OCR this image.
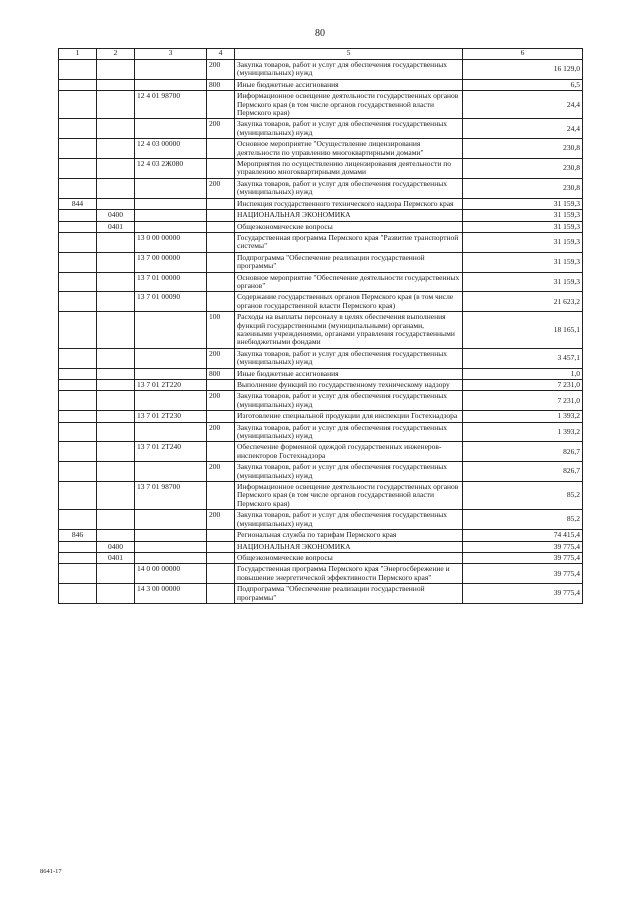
80
1	2	3	4	5	6
			200	Закупка товаров, работ и услуг для обеспечения государственных (муниципальных) нужд	16 129,0
			800	Иные бюджетные ассигнования	6,5
		12 4 01 98700		Информационное освещение деятельности государственных органов Пермского края (в том числе органов государственной власти Пермского края)	24,4
			200	Закупка товаров, работ и услуг для обеспечения государственных (муниципальных) нужд	24,4
		12 4 03 00000		Основное мероприятие "Осуществление лицензирования деятельности по управлению многоквартирными домами"	230,8
		12 4 03 2Ж080		Мероприятия по осуществлению лицензирования деятельности по управлению многоквартирными домами	230,8
			200	Закупка товаров, работ и услуг для обеспечения государственных (муниципальных) нужд	230,8
844				Инспекция государственного технического надзора Пермского края	31 159,3
	0400			НАЦИОНАЛЬНАЯ ЭКОНОМИКА	31 159,3
	0401			Общеэкономические вопросы	31 159,3
		13 0 00 00000		Государственная программа Пермского края "Развитие транспортной системы"	31 159,3
		13 7 00 00000		Подпрограмма "Обеспечение реализации государственной программы"	31 159,3
		13 7 01 00000		Основное мероприятие "Обеспечение деятельности государственных органов"	31 159,3
		13 7 01 00090		Содержание государственных органов Пермского края (в том числе органов государственной власти Пермского края)	21 623,2
			100	Расходы на выплаты персоналу в целях обеспечения выполнения функций государственными (муниципальными) органами, казенными учреждениями, органами управления государственными внебюджетными фондами	18 165,1
			200	Закупка товаров, работ и услуг для обеспечения государственных (муниципальных) нужд	3 457,1
			800	Иные бюджетные ассигнования	1,0
		13 7 01 2Т220		Выполнение функций по государственному техническому надзору	7 231,0
			200	Закупка товаров, работ и услуг для обеспечения государственных (муниципальных) нужд	7 231,0
		13 7 01 2Т230		Изготовление специальной продукции для инспекции Гостехнадзора	1 393,2
			200	Закупка товаров, работ и услуг для обеспечения государственных (муниципальных) нужд	1 393,2
		13 7 01 2Т240		Обеспечение форменной одеждой государственных инженеров-инспекторов Гостехнадзора	826,7
			200	Закупка товаров, работ и услуг для обеспечения государственных (муниципальных) нужд	826,7
		13 7 01 98700		Информационное освещение деятельности государственных органов Пермского края (в том числе органов государственной власти Пермского края)	85,2
			200	Закупка товаров, работ и услуг для обеспечения государственных (муниципальных) нужд	85,2
846				Региональная служба по тарифам Пермского края	74 415,4
	0400			НАЦИОНАЛЬНАЯ ЭКОНОМИКА	39 775,4
	0401			Общеэкономические вопросы	39 775,4
		14 0 00 00000		Государственная программа Пермского края "Энергосбережение и повышение энергетической эффективности Пермского края"	39 775,4
		14 3 00 00000		Подпрограмма "Обеспечение реализации государственной программы"	39 775,4
8641-17
